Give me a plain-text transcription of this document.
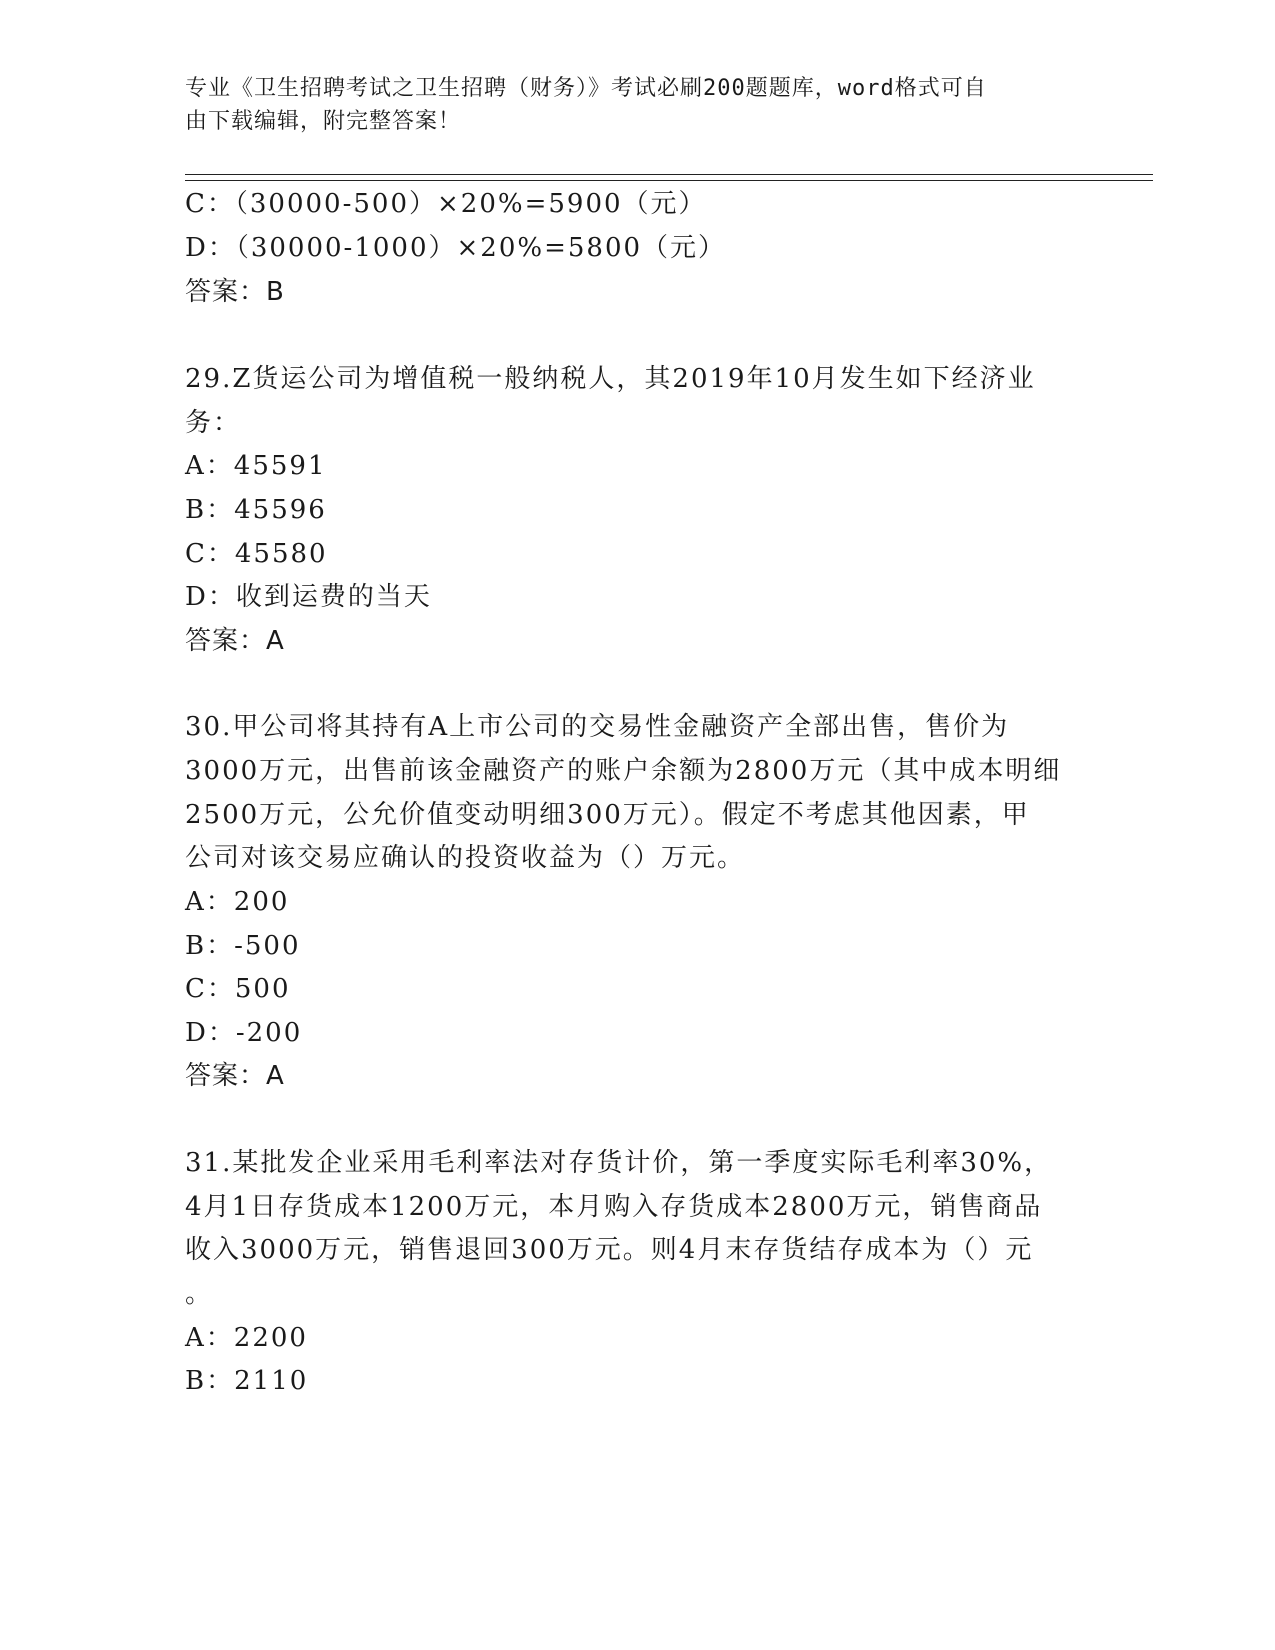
专业《卫生招聘考试之卫生招聘（财务）》考试必刷200题题库，word格式可自
由下载编辑，附完整答案！
C：（30000-500）×20%=5900（元）
D：（30000-1000）×20%=5800（元）
答案：B
29.Z货运公司为增值税一般纳税人，其2019年10月发生如下经济业
务：
A：45591
B：45596
C：45580
D：收到运费的当天
答案：A
30.甲公司将其持有A上市公司的交易性金融资产全部出售，售价为
3000万元，出售前该金融资产的账户余额为2800万元（其中成本明细
2500万元，公允价值变动明细300万元）。假定不考虑其他因素，甲
公司对该交易应确认的投资收益为（）万元。
A：200
B：-500
C：500
D：-200
答案：A
31.某批发企业采用毛利率法对存货计价，第一季度实际毛利率30%，
4月1日存货成本1200万元，本月购入存货成本2800万元，销售商品
收入3000万元，销售退回300万元。则4月末存货结存成本为（）元
。
A：2200
B：2110
